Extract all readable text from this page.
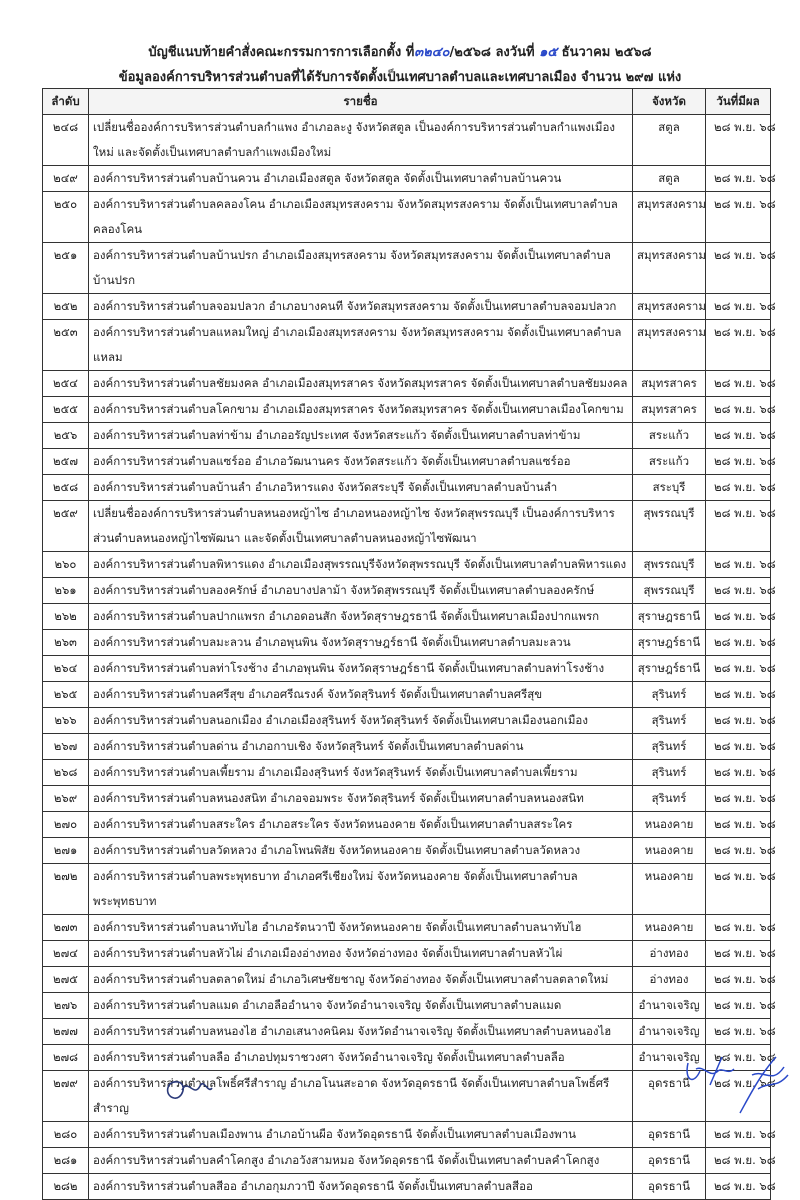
บัญชีแนบท้ายคำสั่งคณะกรรมการการเลือกตั้ง ที่๓๒๔๐/๒๕๖๘ ลงวันที่ ๑๕ ธันวาคม ๒๕๖๘
ข้อมูลองค์การบริหารส่วนตำบลที่ได้รับการจัดตั้งเป็นเทศบาลตำบลและเทศบาลเมือง จำนวน ๒๙๗ แห่ง
ลำดับ	รายชื่อ	จังหวัด	วันที่มีผล
๒๔๘	เปลี่ยนชื่อองค์การบริหารส่วนตำบลกำแพง อำเภอละงู จังหวัดสตูล เป็นองค์การบริหารส่วนตำบลกำแพงเมืองใหม่ และจัดตั้งเป็นเทศบาลตำบลกำแพงเมืองใหม่	สตูล	๒๘ พ.ย. ๖๘
๒๔๙	องค์การบริหารส่วนตำบลบ้านควน อำเภอเมืองสตูล จังหวัดสตูล จัดตั้งเป็นเทศบาลตำบลบ้านควน	สตูล	๒๘ พ.ย. ๖๘
๒๕๐	องค์การบริหารส่วนตำบลคลองโคน อำเภอเมืองสมุทรสงคราม จังหวัดสมุทรสงคราม จัดตั้งเป็นเทศบาลตำบลคลองโคน	สมุทรสงคราม	๒๘ พ.ย. ๖๘
๒๕๑	องค์การบริหารส่วนตำบลบ้านปรก อำเภอเมืองสมุทรสงคราม จังหวัดสมุทรสงคราม จัดตั้งเป็นเทศบาลตำบลบ้านปรก	สมุทรสงคราม	๒๘ พ.ย. ๖๘
๒๕๒	องค์การบริหารส่วนตำบลจอมปลวก อำเภอบางคนที จังหวัดสมุทรสงคราม จัดตั้งเป็นเทศบาลตำบลจอมปลวก	สมุทรสงคราม	๒๘ พ.ย. ๖๘
๒๕๓	องค์การบริหารส่วนตำบลแหลมใหญ่ อำเภอเมืองสมุทรสงคราม จังหวัดสมุทรสงคราม จัดตั้งเป็นเทศบาลตำบลแหลม	สมุทรสงคราม	๒๘ พ.ย. ๖๘
๒๕๔	องค์การบริหารส่วนตำบลชัยมงคล อำเภอเมืองสมุทรสาคร จังหวัดสมุทรสาคร จัดตั้งเป็นเทศบาลตำบลชัยมงคล	สมุทรสาคร	๒๘ พ.ย. ๖๘
๒๕๕	องค์การบริหารส่วนตำบลโคกขาม อำเภอเมืองสมุทรสาคร จังหวัดสมุทรสาคร จัดตั้งเป็นเทศบาลเมืองโคกขาม	สมุทรสาคร	๒๘ พ.ย. ๖๘
๒๕๖	องค์การบริหารส่วนตำบลท่าข้าม อำเภออรัญประเทศ จังหวัดสระแก้ว จัดตั้งเป็นเทศบาลตำบลท่าข้าม	สระแก้ว	๒๘ พ.ย. ๖๘
๒๕๗	องค์การบริหารส่วนตำบลแซร์ออ อำเภอวัฒนานคร จังหวัดสระแก้ว จัดตั้งเป็นเทศบาลตำบลแซร์ออ	สระแก้ว	๒๘ พ.ย. ๖๘
๒๕๘	องค์การบริหารส่วนตำบลบ้านลำ อำเภอวิหารแดง จังหวัดสระบุรี จัดตั้งเป็นเทศบาลตำบลบ้านลำ	สระบุรี	๒๘ พ.ย. ๖๘
๒๕๙	เปลี่ยนชื่อองค์การบริหารส่วนตำบลหนองหญ้าไซ อำเภอหนองหญ้าไซ จังหวัดสุพรรณบุรี เป็นองค์การบริหารส่วนตำบลหนองหญ้าไซพัฒนา และจัดตั้งเป็นเทศบาลตำบลหนองหญ้าไซพัฒนา	สุพรรณบุรี	๒๘ พ.ย. ๖๘
๒๖๐	องค์การบริหารส่วนตำบลพิหารแดง อำเภอเมืองสุพรรณบุรีจังหวัดสุพรรณบุรี จัดตั้งเป็นเทศบาลตำบลพิหารแดง	สุพรรณบุรี	๒๘ พ.ย. ๖๘
๒๖๑	องค์การบริหารส่วนตำบลองครักษ์ อำเภอบางปลาม้า จังหวัดสุพรรณบุรี จัดตั้งเป็นเทศบาลตำบลองครักษ์	สุพรรณบุรี	๒๘ พ.ย. ๖๘
๒๖๒	องค์การบริหารส่วนตำบลปากแพรก อำเภอดอนสัก จังหวัดสุราษฎรธานี จัดตั้งเป็นเทศบาลเมืองปากแพรก	สุราษฎรธานี	๒๘ พ.ย. ๖๘
๒๖๓	องค์การบริหารส่วนตำบลมะลวน อำเภอพุนพิน จังหวัดสุราษฎร์ธานี จัดตั้งเป็นเทศบาลตำบลมะลวน	สุราษฎร์ธานี	๒๘ พ.ย. ๖๘
๒๖๔	องค์การบริหารส่วนตำบลท่าโรงช้าง อำเภอพุนพิน จังหวัดสุราษฎร์ธานี จัดตั้งเป็นเทศบาลตำบลท่าโรงช้าง	สุราษฎร์ธานี	๒๘ พ.ย. ๖๘
๒๖๕	องค์การบริหารส่วนตำบลศรีสุข อำเภอศรีณรงค์ จังหวัดสุรินทร์ จัดตั้งเป็นเทศบาลตำบลศรีสุข	สุรินทร์	๒๘ พ.ย. ๖๘
๒๖๖	องค์การบริหารส่วนตำบลนอกเมือง อำเภอเมืองสุรินทร์ จังหวัดสุรินทร์ จัดตั้งเป็นเทศบาลเมืองนอกเมือง	สุรินทร์	๒๘ พ.ย. ๖๘
๒๖๗	องค์การบริหารส่วนตำบลด่าน อำเภอกาบเชิง จังหวัดสุรินทร์ จัดตั้งเป็นเทศบาลตำบลด่าน	สุรินทร์	๒๘ พ.ย. ๖๘
๒๖๘	องค์การบริหารส่วนตำบลเพี้ยราม อำเภอเมืองสุรินทร์ จังหวัดสุรินทร์ จัดตั้งเป็นเทศบาลตำบลเพี้ยราม	สุรินทร์	๒๘ พ.ย. ๖๘
๒๖๙	องค์การบริหารส่วนตำบลหนองสนิท อำเภอจอมพระ จังหวัดสุรินทร์ จัดตั้งเป็นเทศบาลตำบลหนองสนิท	สุรินทร์	๒๘ พ.ย. ๖๘
๒๗๐	องค์การบริหารส่วนตำบลสระใคร อำเภอสระใคร จังหวัดหนองคาย จัดตั้งเป็นเทศบาลตำบลสระใคร	หนองคาย	๒๘ พ.ย. ๖๘
๒๗๑	องค์การบริหารส่วนตำบลวัดหลวง อำเภอโพนพิสัย จังหวัดหนองคาย จัดตั้งเป็นเทศบาลตำบลวัดหลวง	หนองคาย	๒๘ พ.ย. ๖๘
๒๗๒	องค์การบริหารส่วนตำบลพระพุทธบาท อำเภอศรีเชียงใหม่ จังหวัดหนองคาย จัดตั้งเป็นเทศบาลตำบลพระพุทธบาท	หนองคาย	๒๘ พ.ย. ๖๘
๒๗๓	องค์การบริหารส่วนตำบลนาทับไฮ อำเภอรัตนวาปี จังหวัดหนองคาย จัดตั้งเป็นเทศบาลตำบลนาทับไฮ	หนองคาย	๒๘ พ.ย. ๖๘
๒๗๔	องค์การบริหารส่วนตำบลหัวไผ่ อำเภอเมืองอ่างทอง จังหวัดอ่างทอง จัดตั้งเป็นเทศบาลตำบลหัวไผ่	อ่างทอง	๒๘ พ.ย. ๖๘
๒๗๕	องค์การบริหารส่วนตำบลตลาดใหม่ อำเภอวิเศษชัยชาญ จังหวัดอ่างทอง จัดตั้งเป็นเทศบาลตำบลตลาดใหม่	อ่างทอง	๒๘ พ.ย. ๖๘
๒๗๖	องค์การบริหารส่วนตำบลแมด อำเภอลืออำนาจ จังหวัดอำนาจเจริญ จัดตั้งเป็นเทศบาลตำบลแมด	อำนาจเจริญ	๒๘ พ.ย. ๖๘
๒๗๗	องค์การบริหารส่วนตำบลหนองไฮ อำเภอเสนางคนิคม จังหวัดอำนาจเจริญ จัดตั้งเป็นเทศบาลตำบลหนองไฮ	อำนาจเจริญ	๒๘ พ.ย. ๖๘
๒๗๘	องค์การบริหารส่วนตำบลลือ อำเภอปทุมราชวงศา จังหวัดอำนาจเจริญ จัดตั้งเป็นเทศบาลตำบลลือ	อำนาจเจริญ	๒๘ พ.ย. ๖๘
๒๗๙	องค์การบริหารส่วนตำบลโพธิ์ศรีสำราญ อำเภอโนนสะอาด จังหวัดอุดรธานี จัดตั้งเป็นเทศบาลตำบลโพธิ์ศรีสำราญ	อุดรธานี	๒๘ พ.ย. ๖๘
๒๘๐	องค์การบริหารส่วนตำบลเมืองพาน อำเภอบ้านผือ จังหวัดอุดรธานี จัดตั้งเป็นเทศบาลตำบลเมืองพาน	อุดรธานี	๒๘ พ.ย. ๖๘
๒๘๑	องค์การบริหารส่วนตำบลคำโคกสูง อำเภอวังสามหมอ จังหวัดอุดรธานี จัดตั้งเป็นเทศบาลตำบลคำโคกสูง	อุดรธานี	๒๘ พ.ย. ๖๘
๒๘๒	องค์การบริหารส่วนตำบลสีออ อำเภอกุมภวาปี จังหวัดอุดรธานี จัดตั้งเป็นเทศบาลตำบลสีออ	อุดรธานี	๒๘ พ.ย. ๖๘
